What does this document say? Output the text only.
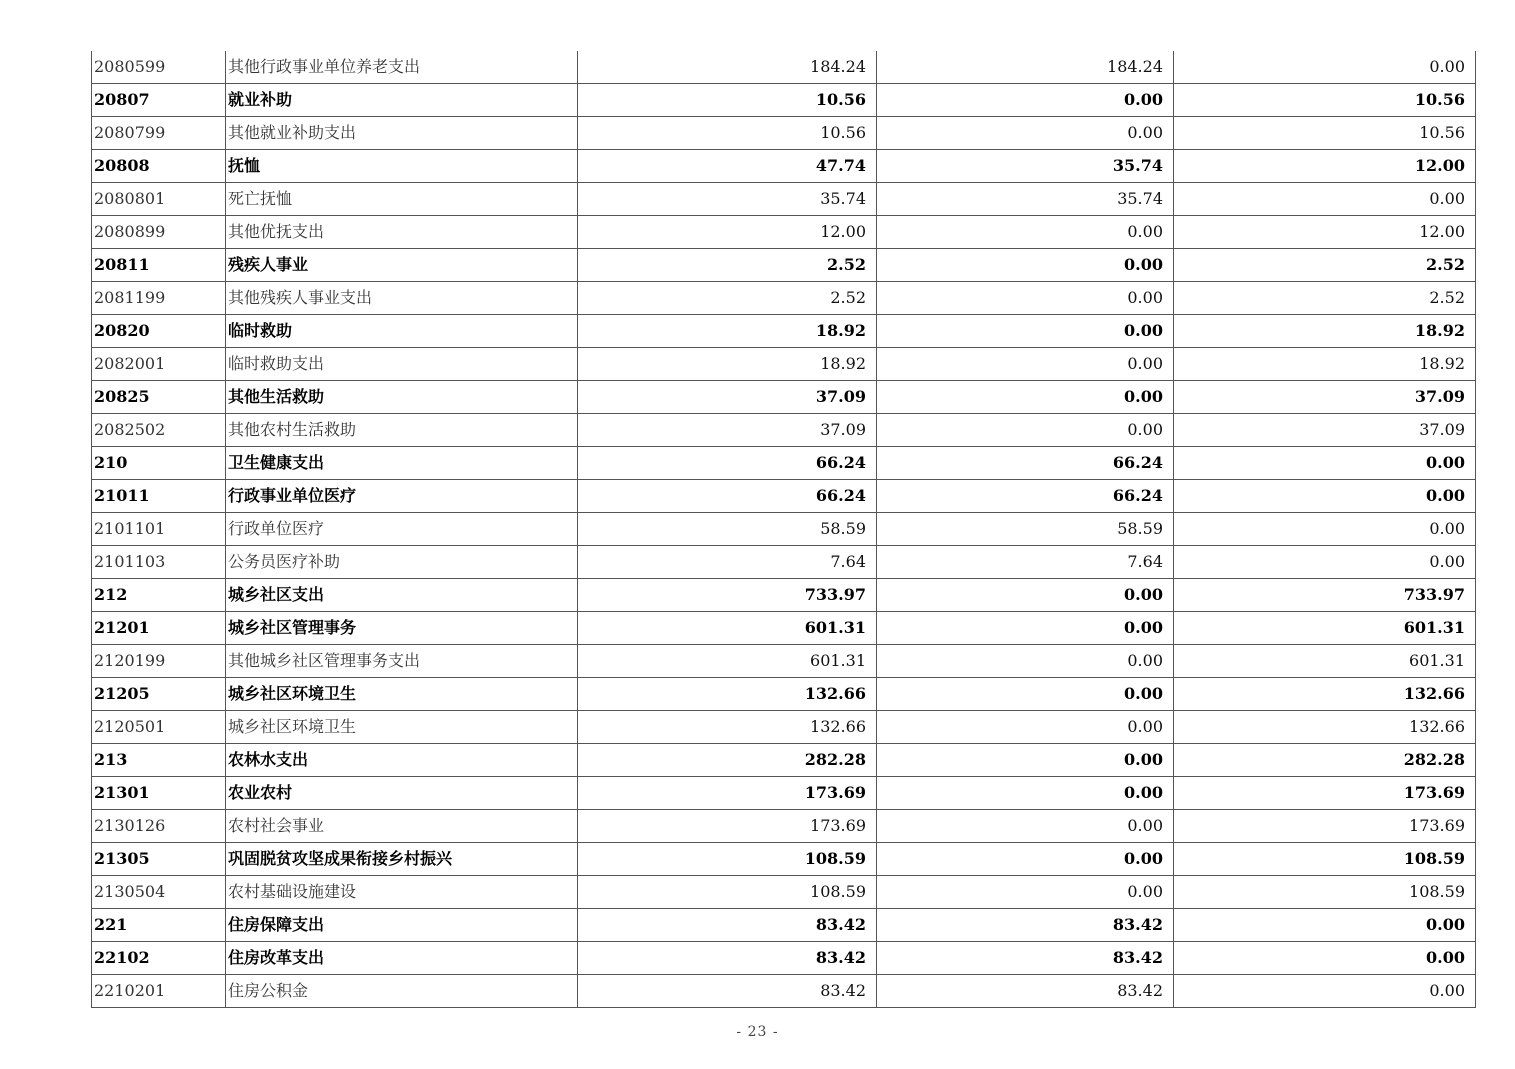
2080599	其他行政事业单位养老支出	184.24	184.24	0.00
20807	就业补助	10.56	0.00	10.56
2080799	其他就业补助支出	10.56	0.00	10.56
20808	抚恤	47.74	35.74	12.00
2080801	死亡抚恤	35.74	35.74	0.00
2080899	其他优抚支出	12.00	0.00	12.00
20811	残疾人事业	2.52	0.00	2.52
2081199	其他残疾人事业支出	2.52	0.00	2.52
20820	临时救助	18.92	0.00	18.92
2082001	临时救助支出	18.92	0.00	18.92
20825	其他生活救助	37.09	0.00	37.09
2082502	其他农村生活救助	37.09	0.00	37.09
210	卫生健康支出	66.24	66.24	0.00
21011	行政事业单位医疗	66.24	66.24	0.00
2101101	行政单位医疗	58.59	58.59	0.00
2101103	公务员医疗补助	7.64	7.64	0.00
212	城乡社区支出	733.97	0.00	733.97
21201	城乡社区管理事务	601.31	0.00	601.31
2120199	其他城乡社区管理事务支出	601.31	0.00	601.31
21205	城乡社区环境卫生	132.66	0.00	132.66
2120501	城乡社区环境卫生	132.66	0.00	132.66
213	农林水支出	282.28	0.00	282.28
21301	农业农村	173.69	0.00	173.69
2130126	农村社会事业	173.69	0.00	173.69
21305	巩固脱贫攻坚成果衔接乡村振兴	108.59	0.00	108.59
2130504	农村基础设施建设	108.59	0.00	108.59
221	住房保障支出	83.42	83.42	0.00
22102	住房改革支出	83.42	83.42	0.00
2210201	住房公积金	83.42	83.42	0.00
- 23 -
